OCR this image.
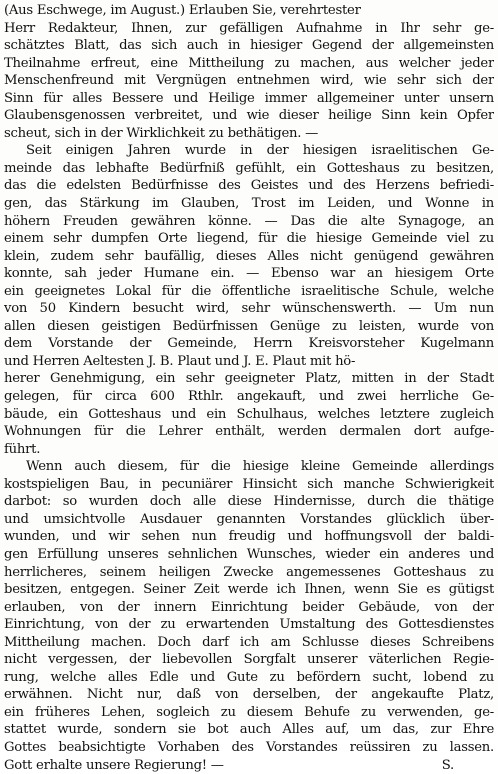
(Aus Eschwege, im August.) Erlauben Sie, verehrtester
Herr Redakteur, Ihnen, zur gefälligen Aufnahme in Ihr sehr ge-
schätztes Blatt, das sich auch in hiesiger Gegend der allgemeinsten
Theilnahme erfreut, eine Mittheilung zu machen, aus welcher jeder
Menschenfreund mit Vergnügen entnehmen wird, wie sehr sich der
Sinn für alles Bessere und Heilige immer allgemeiner unter unsern
Glaubensgenossen verbreitet, und wie dieser heilige Sinn kein Opfer
scheut, sich in der Wirklichkeit zu bethätigen. —
Seit einigen Jahren wurde in der hiesigen israelitischen Ge-
meinde das lebhafte Bedürfniß gefühlt, ein Gotteshaus zu besitzen,
das die edelsten Bedürfnisse des Geistes und des Herzens befriedi-
gen, das Stärkung im Glauben, Trost im Leiden, und Wonne in
höhern Freuden gewähren könne. — Das die alte Synagoge, an
einem sehr dumpfen Orte liegend, für die hiesige Gemeinde viel zu
klein, zudem sehr baufällig, dieses Alles nicht genügend gewähren
konnte, sah jeder Humane ein. — Ebenso war an hiesigem Orte
ein geeignetes Lokal für die öffentliche israelitische Schule, welche
von 50 Kindern besucht wird, sehr wünschenswerth. — Um nun
allen diesen geistigen Bedürfnissen Genüge zu leisten, wurde von
dem Vorstande der Gemeinde, Herrn Kreisvorsteher Kugelmann
und Herren Aeltesten J. B. Plaut und J. E. Plaut mit hö-
herer Genehmigung, ein sehr geeigneter Platz, mitten in der Stadt
gelegen, für circa 600 Rthlr. angekauft, und zwei herrliche Ge-
bäude, ein Gotteshaus und ein Schulhaus, welches letztere zugleich
Wohnungen für die Lehrer enthält, werden dermalen dort aufge-
führt.
Wenn auch diesem, für die hiesige kleine Gemeinde allerdings
kostspieligen Bau, in pecuniärer Hinsicht sich manche Schwierigkeit
darbot: so wurden doch alle diese Hindernisse, durch die thätige
und umsichtvolle Ausdauer genannten Vorstandes glücklich über-
wunden, und wir sehen nun freudig und hoffnungsvoll der baldi-
gen Erfüllung unseres sehnlichen Wunsches, wieder ein anderes und
herrlicheres, seinem heiligen Zwecke angemessenes Gotteshaus zu
besitzen, entgegen. Seiner Zeit werde ich Ihnen, wenn Sie es gütigst
erlauben, von der innern Einrichtung beider Gebäude, von der
Einrichtung, von der zu erwartenden Umstaltung des Gottesdienstes
Mittheilung machen. Doch darf ich am Schlusse dieses Schreibens
nicht vergessen, der liebevollen Sorgfalt unserer väterlichen Regie-
rung, welche alles Edle und Gute zu befördern sucht, lobend zu
erwähnen. Nicht nur, daß von derselben, der angekaufte Platz,
ein früheres Lehen, sogleich zu diesem Behufe zu verwenden, ge-
stattet wurde, sondern sie bot auch Alles auf, um das, zur Ehre
Gottes beabsichtigte Vorhaben des Vorstandes reüssiren zu lassen.
Gott erhalte unsere Regierung! —	S.
